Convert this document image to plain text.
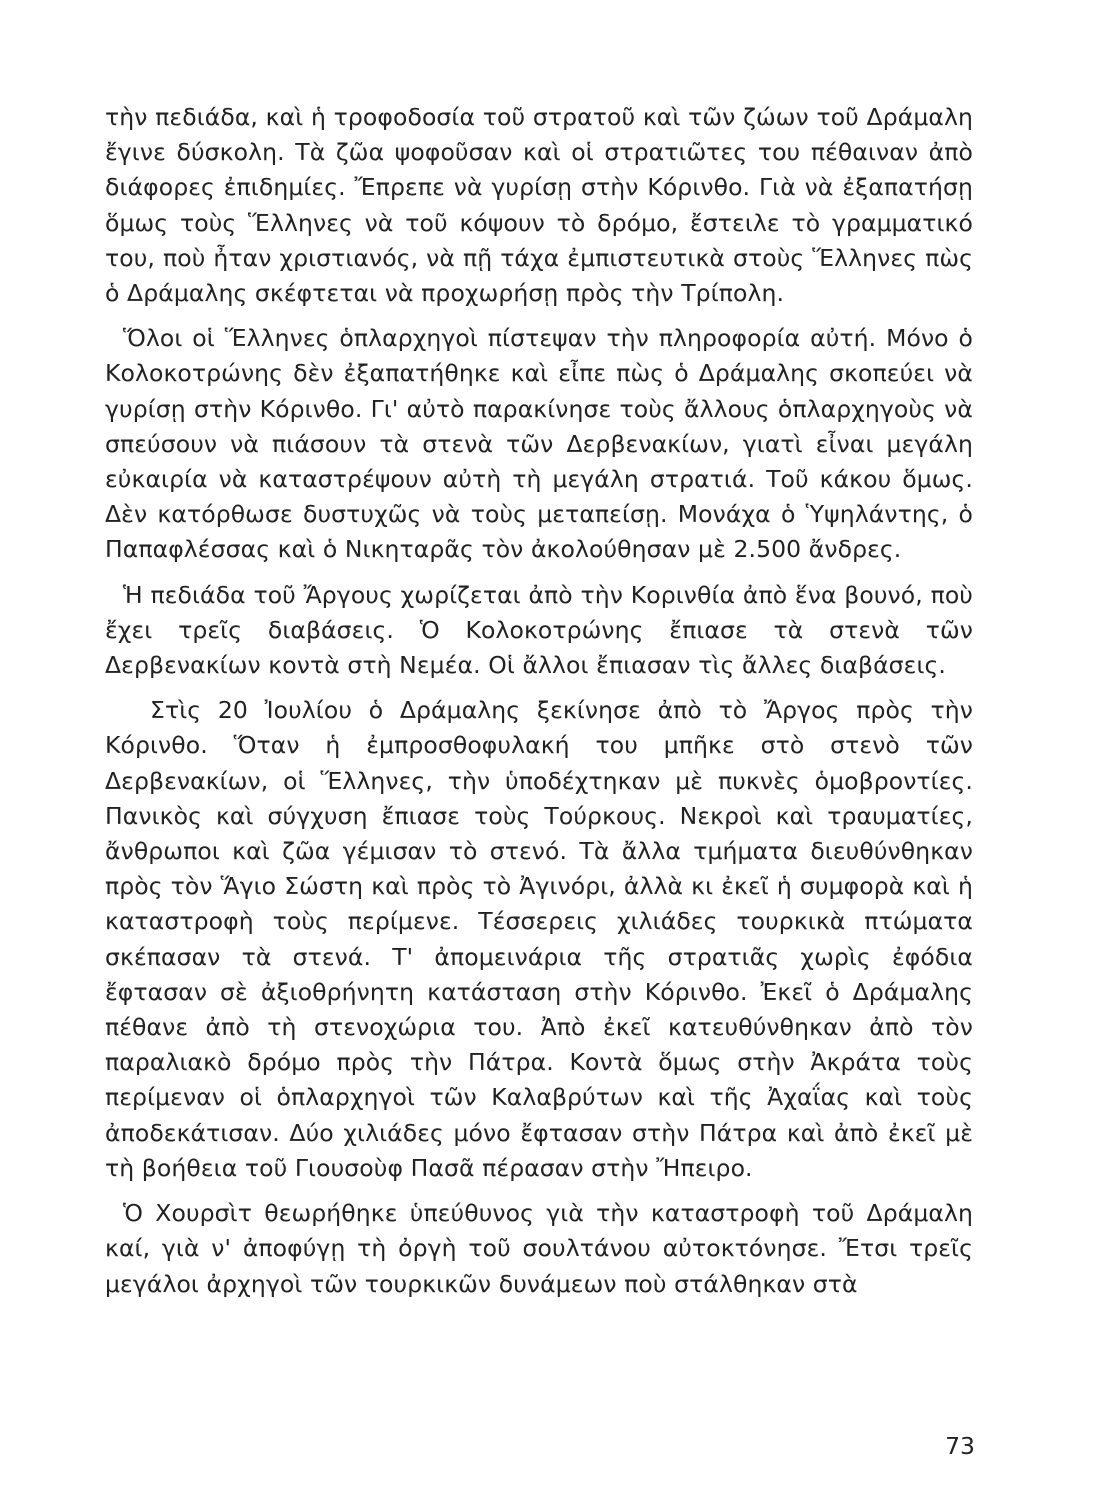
τὴν πεδιάδα, καὶ ἡ τροφοδοσία τοῦ στρατοῦ καὶ τῶν ζώων τοῦ Δράμαλη ἔγινε δύσκολη. Τὰ ζῶα ψοφοῦσαν καὶ οἱ στρατιῶτες του πέθαιναν ἀπὸ διάφορες ἐπιδημίες. Ἔπρεπε νὰ γυρίσῃ στὴν Κόρινθο. Γιὰ νὰ ἐξαπατήσῃ ὅμως τοὺς Ἕλληνες νὰ τοῦ κόψουν τὸ δρόμο, ἔστειλε τὸ γραμματικό του, ποὺ ἦταν χριστιανός, νὰ πῇ τάχα ἐμπιστευτικὰ στοὺς Ἕλληνες πὼς ὁ Δράμαλης σκέφτεται νὰ προχωρήσῃ πρὸς τὴν Τρίπολη.

Ὅλοι οἱ Ἕλληνες ὁπλαρχηγοὶ πίστεψαν τὴν πληροφορία αὐτή. Μόνο ὁ Κολοκοτρώνης δὲν ἐξαπατήθηκε καὶ εἶπε πὼς ὁ Δράμαλης σκοπεύει νὰ γυρίσῃ στὴν Κόρινθο. Γι' αὐτὸ παρακίνησε τοὺς ἄλλους ὁπλαρχηγοὺς νὰ σπεύσουν νὰ πιάσουν τὰ στενὰ τῶν Δερβενακίων, γιατὶ εἶναι μεγάλη εὐκαιρία νὰ καταστρέψουν αὐτὴ τὴ μεγάλη στρατιά. Τοῦ κάκου ὅμως. Δὲν κατόρθωσε δυστυχῶς νὰ τοὺς μεταπείσῃ. Μονάχα ὁ Ὑψηλάντης, ὁ Παπαφλέσσας καὶ ὁ Νικηταρᾶς τὸν ἀκολούθησαν μὲ 2.500 ἄνδρες.

Ἡ πεδιάδα τοῦ Ἄργους χωρίζεται ἀπὸ τὴν Κορινθία ἀπὸ ἕνα βουνό, ποὺ ἔχει τρεῖς διαβάσεις. Ὁ Κολοκοτρώνης ἔπιασε τὰ στενὰ τῶν Δερβενακίων κοντὰ στὴ Νεμέα. Οἱ ἄλλοι ἔπιασαν τὶς ἄλλες διαβάσεις.

Στὶς 20 Ἰουλίου ὁ Δράμαλης ξεκίνησε ἀπὸ τὸ Ἄργος πρὸς τὴν Κόρινθο. Ὅταν ἡ ἐμπροσθοφυλακή του μπῆκε στὸ στενὸ τῶν Δερβενακίων, οἱ Ἕλληνες, τὴν ὑποδέχτηκαν μὲ πυκνὲς ὁμοβροντίες. Πανικὸς καὶ σύγχυση ἔπιασε τοὺς Τούρκους. Νεκροὶ καὶ τραυματίες, ἄνθρωποι καὶ ζῶα γέμισαν τὸ στενό. Τὰ ἄλλα τμήματα διευθύνθηκαν πρὸς τὸν Ἅγιο Σώστη καὶ πρὸς τὸ Ἀγινόρι, ἀλλὰ κι ἐκεῖ ἡ συμφορὰ καὶ ἡ καταστροφὴ τοὺς περίμενε. Τέσσερεις χιλιάδες τουρκικὰ πτώματα σκέπασαν τὰ στενά. Τ' ἀπομεινάρια τῆς στρατιᾶς χωρὶς ἐφόδια ἔφτασαν σὲ ἀξιοθρήνητη κατάσταση στὴν Κόρινθο. Ἐκεῖ ὁ Δράμαλης πέθανε ἀπὸ τὴ στενοχώρια του. Ἀπὸ ἐκεῖ κατευθύνθηκαν ἀπὸ τὸν παραλιακὸ δρόμο πρὸς τὴν Πάτρα. Κοντὰ ὅμως στὴν Ἀκράτα τοὺς περίμεναν οἱ ὁπλαρχηγοὶ τῶν Καλαβρύτων καὶ τῆς Ἀχαΐας καὶ τοὺς ἀποδεκάτισαν. Δύο χιλιάδες μόνο ἔφτασαν στὴν Πάτρα καὶ ἀπὸ ἐκεῖ μὲ τὴ βοήθεια τοῦ Γιουσοὺφ Πασᾶ πέρασαν στὴν Ἤπειρο.

Ὁ Χουρσὶτ θεωρήθηκε ὑπεύθυνος γιὰ τὴν καταστροφὴ τοῦ Δράμαλη καί, γιὰ ν' ἀποφύγῃ τὴ ὀργὴ τοῦ σουλτάνου αὐτοκτόνησε. Ἔτσι τρεῖς μεγάλοι ἀρχηγοὶ τῶν τουρκικῶν δυνάμεων ποὺ στάλθηκαν στὰ

73
